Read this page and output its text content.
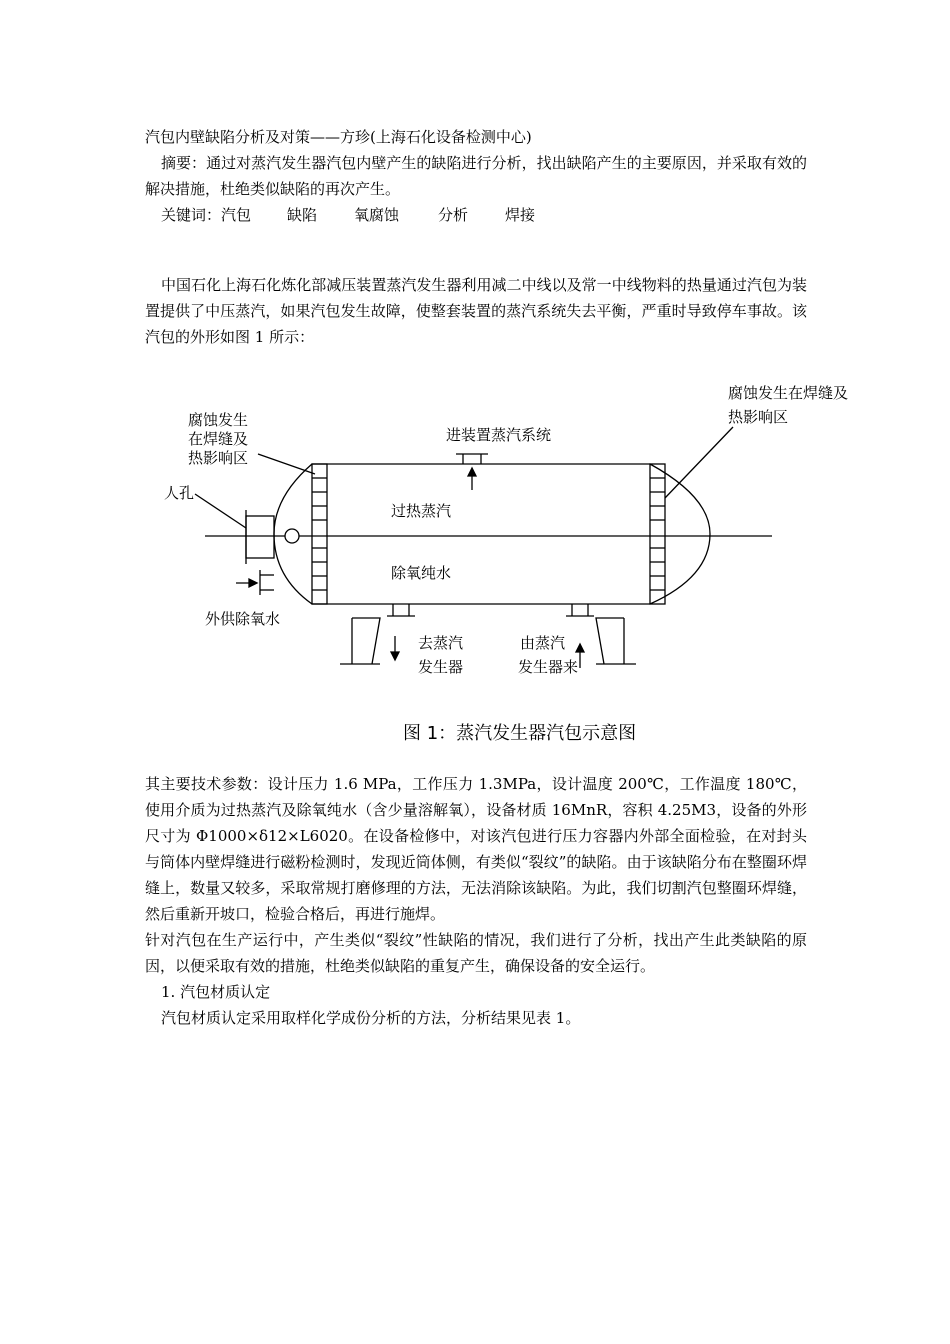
汽包内壁缺陷分析及对策——方珍(上海石化设备检测中心)

摘要：通过对蒸汽发生器汽包内壁产生的缺陷进行分析，找出缺陷产生的主要原因，并采取有效的解决措施，杜绝类似缺陷的再次产生。

关键词： 汽包	缺陷	氧腐蚀	分析	焊接

中国石化上海石化炼化部减压装置蒸汽发生器利用减二中线以及常一中线物料的热量通过汽包为装置提供了中压蒸汽，如果汽包发生故障，使整套装置的蒸汽系统失去平衡，严重时导致停车事故。该汽包的外形如图 1 所示：

腐蚀发生
在焊缝及
热影响区
腐蚀发生在焊缝及
热影响区
人孔
进装置蒸汽系统
过热蒸汽
除氧纯水
外供除氧水
去蒸汽
发生器
由蒸汽
发生器来
图 1：蒸汽发生器汽包示意图

其主要技术参数：设计压力 1.6 MPa，工作压力 1.3MPa，设计温度 200℃，工作温度 180℃，使用介质为过热蒸汽及除氧纯水（含少量溶解氧），设备材质 16MnR，容积 4.25M3，设备的外形尺寸为 Φ1000×δ12×L6020。在设备检修中，对该汽包进行压力容器内外部全面检验，在对封头与筒体内壁焊缝进行磁粉检测时，发现近筒体侧，有类似“裂纹”的缺陷。由于该缺陷分布在整圈环焊缝上，数量又较多，采取常规打磨修理的方法，无法消除该缺陷。为此，我们切割汽包整圈环焊缝，然后重新开坡口，检验合格后，再进行施焊。

针对汽包在生产运行中，产生类似“裂纹”性缺陷的情况，我们进行了分析，找出产生此类缺陷的原因，以便采取有效的措施，杜绝类似缺陷的重复产生，确保设备的安全运行。

1. 汽包材质认定

汽包材质认定采用取样化学成份分析的方法，分析结果见表 1。
